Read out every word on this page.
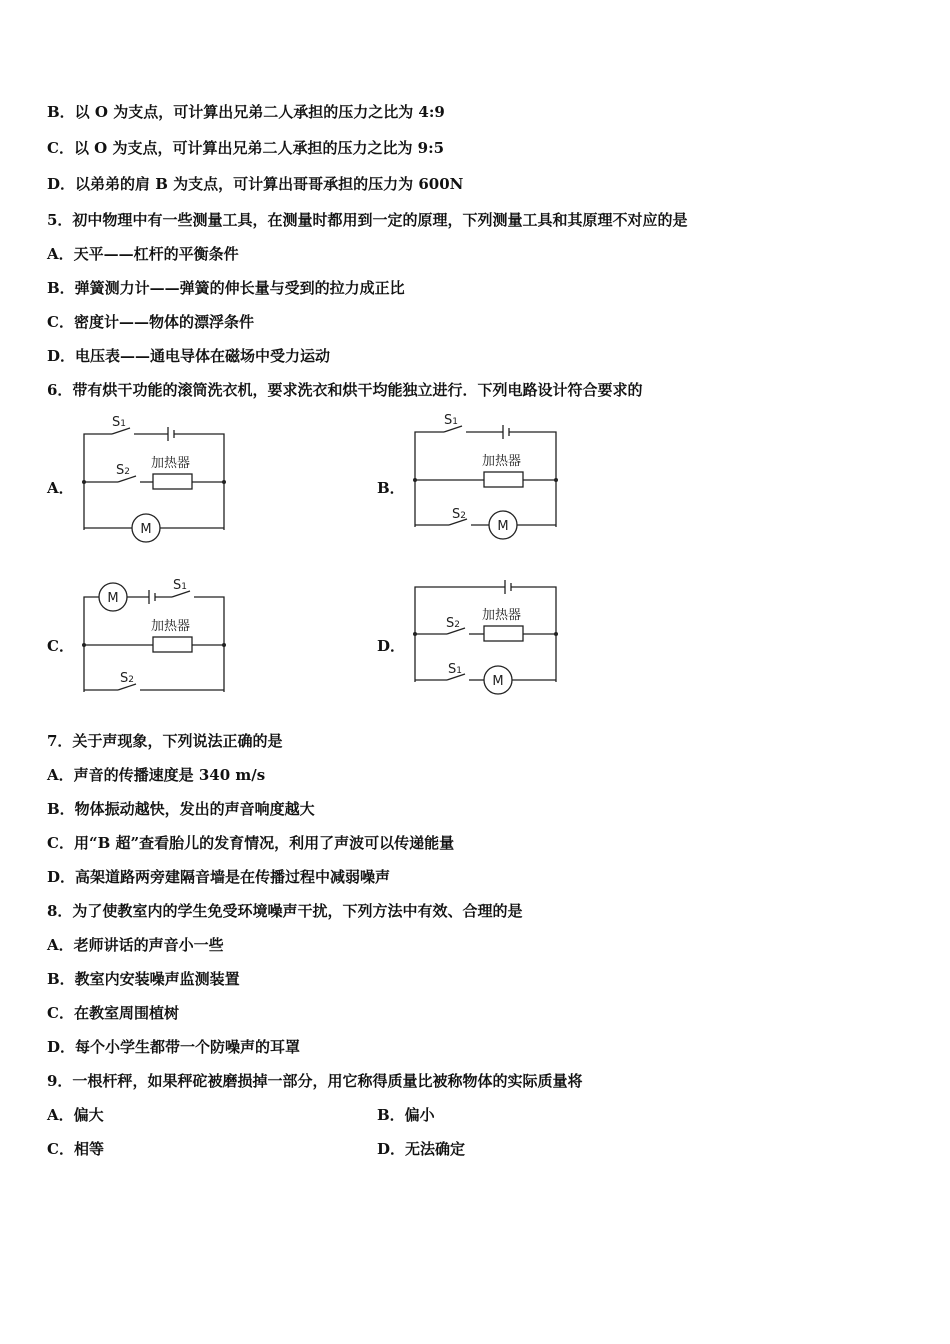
B．以 O 为支点，可计算出兄弟二人承担的压力之比为 4:9
C．以 O 为支点，可计算出兄弟二人承担的压力之比为 9:5
D．以弟弟的肩 B 为支点，可计算出哥哥承担的压力为 600N
5．初中物理中有一些测量工具，在测量时都用到一定的原理，下列测量工具和其原理不对应的是
A．天平——杠杆的平衡条件
B．弹簧测力计——弹簧的伸长量与受到的拉力成正比
C．密度计——物体的漂浮条件
D．电压表——通电导体在磁场中受力运动
6．带有烘干功能的滚筒洗衣机，要求洗衣和烘干均能独立进行．下列电路设计符合要求的
A．	B．
C．	D．
S1
S2
加热器
M
S1
S2
加热器
M
M
S1
加热器
S2
加热器
S2
S1
M
7．关于声现象，下列说法正确的是
A．声音的传播速度是 340 m/s
B．物体振动越快，发出的声音响度越大
C．用“B 超”查看胎儿的发育情况，利用了声波可以传递能量
D．高架道路两旁建隔音墙是在传播过程中减弱噪声
8．为了使教室内的学生免受环境噪声干扰，下列方法中有效、合理的是
A．老师讲话的声音小一些
B．教室内安装噪声监测装置
C．在教室周围植树
D．每个小学生都带一个防噪声的耳罩
9．一根杆秤，如果秤砣被磨损掉一部分，用它称得质量比被称物体的实际质量将
A．偏大	B．偏小
C．相等	D．无法确定
